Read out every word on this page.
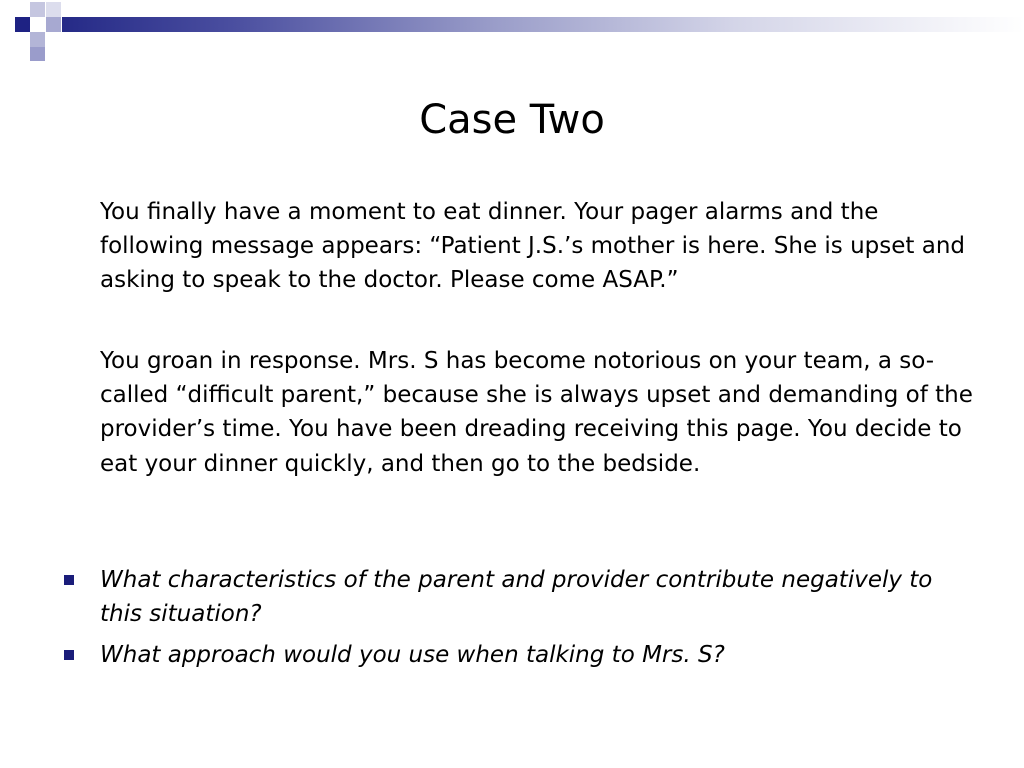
Case Two

You finally have a moment to eat dinner. Your pager alarms and the following message appears: “Patient J.S.’s mother is here. She is upset and asking to speak to the doctor. Please come ASAP.”

You groan in response. Mrs. S has become notorious on your team, a so-called “difficult parent,” because she is always upset and demanding of the provider’s time. You have been dreading receiving this page. You decide to eat your dinner quickly, and then go to the bedside.

What characteristics of the parent and provider contribute negatively to this situation?
What approach would you use when talking to Mrs. S?
